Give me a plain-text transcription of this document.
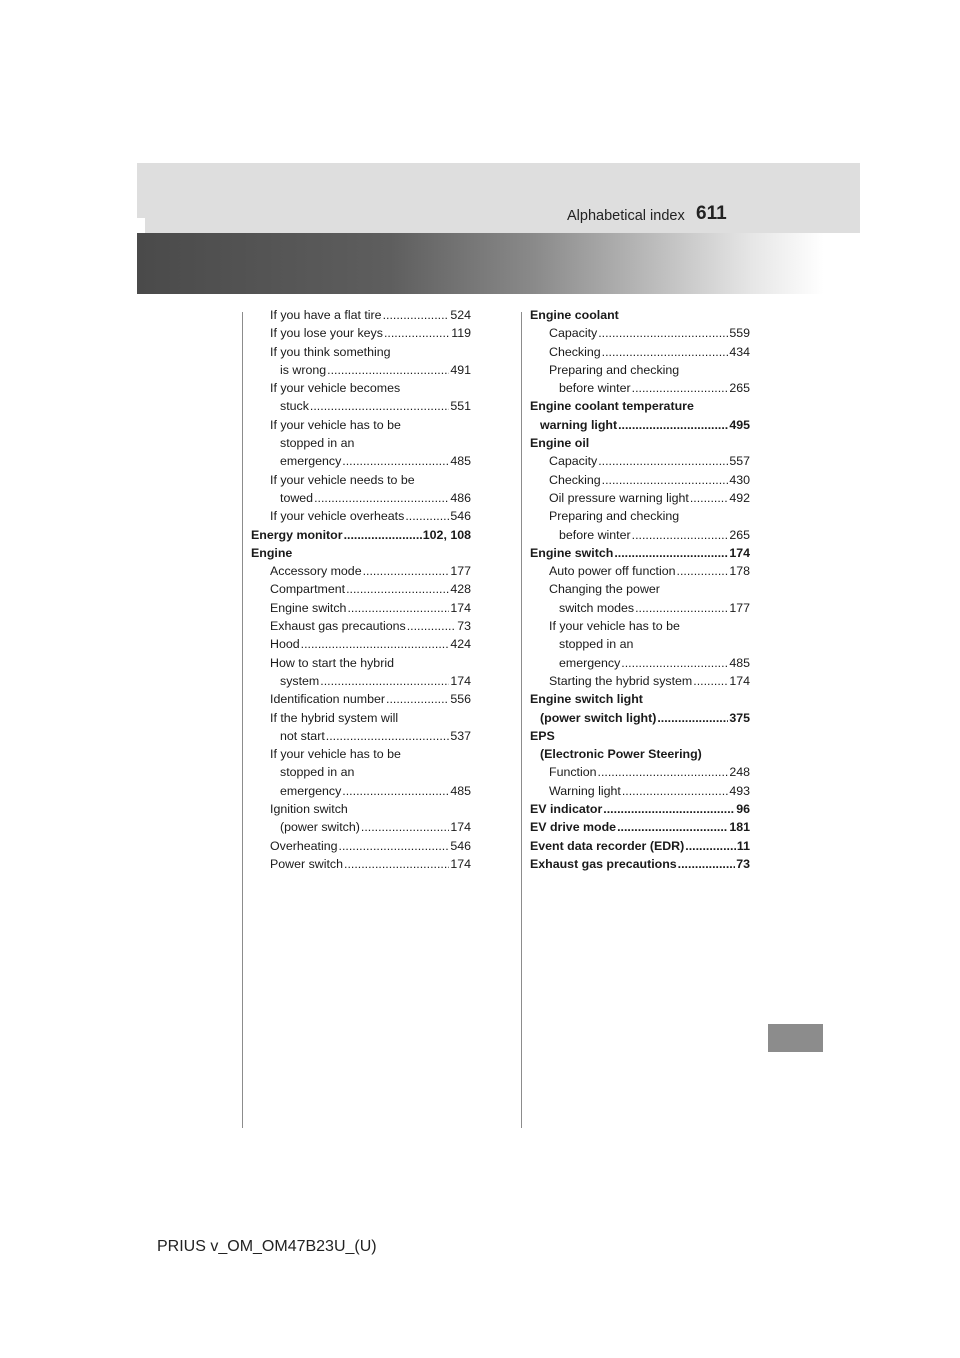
Alphabetical index 611
If you have a flat tire .....	524
If you lose your keys .....	119
If you think something
is wrong .....	491
If your vehicle becomes
stuck .....	551
If your vehicle has to be
stopped in an
emergency .....	485
If your vehicle needs to be
towed .....	486
If your vehicle overheats .....	546
Energy monitor .....	102, 108
Engine
Accessory mode .....	177
Compartment .....	428
Engine switch .....	174
Exhaust gas precautions .....	73
Hood .....	424
How to start the hybrid
system .....	174
Identification number .....	556
If the hybrid system will
not start .....	537
If your vehicle has to be
stopped in an
emergency .....	485
Ignition switch
(power switch) .....	174
Overheating .....	546
Power switch .....	174
Engine coolant
Capacity .....	559
Checking .....	434
Preparing and checking
before winter .....	265
Engine coolant temperature
warning light .....	495
Engine oil
Capacity .....	557
Checking .....	430
Oil pressure warning light .....	492
Preparing and checking
before winter .....	265
Engine switch .....	174
Auto power off function .....	178
Changing the power
switch modes .....	177
If your vehicle has to be
stopped in an
emergency .....	485
Starting the hybrid system .....	174
Engine switch light
(power switch light) .....	375
EPS
(Electronic Power Steering)
Function .....	248
Warning light .....	493
EV indicator .....	96
EV drive mode .....	181
Event data recorder (EDR) .....	11
Exhaust gas precautions .....	73
PRIUS v_OM_OM47B23U_(U)
